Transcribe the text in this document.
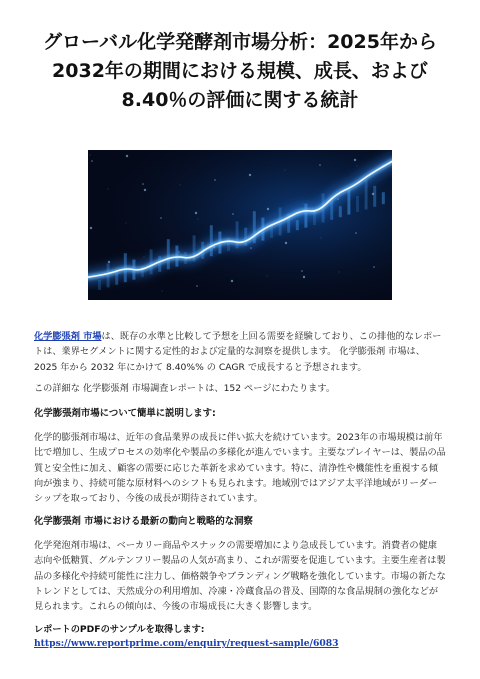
グローバル化学発酵剤市場分析：2025年から
2032年の期間における規模、成長、および
8.40％の評価に関する統計

化学膨張剤 市場は、既存の水準と比較して予想を上回る需要を経験しており、この排他的なレポートは、業界セグメントに関する定性的および定量的な洞察を提供します。 化学膨張剤 市場は、2025 年から 2032 年にかけて 8.40%% の CAGR で成長すると予想されます。

この詳細な 化学膨張剤 市場調査レポートは、152 ページにわたります。

化学膨張剤市場について簡単に説明します:

化学的膨張剤市場は、近年の食品業界の成長に伴い拡大を続けています。2023年の市場規模は前年比で増加し、生成プロセスの効率化や製品の多様化が進んでいます。主要なプレイヤーは、製品の品質と安全性に加え、顧客の需要に応じた革新を求めています。特に、清浄性や機能性を重視する傾向が強まり、持続可能な原材料へのシフトも見られます。地域別ではアジア太平洋地域がリーダーシップを取っており、今後の成長が期待されています。

化学膨張剤 市場における最新の動向と戦略的な洞察

化学発泡剤市場は、ベーカリー商品やスナックの需要増加により急成長しています。消費者の健康志向や低糖質、グルテンフリー製品の人気が高まり、これが需要を促進しています。主要生産者は製品の多様化や持続可能性に注力し、価格競争やブランディング戦略を強化しています。市場の新たなトレンドとしては、天然成分の利用増加、冷凍・冷蔵食品の普及、国際的な食品規制の強化などが見られます。これらの傾向は、今後の市場成長に大きく影響します。

レポートのPDFのサンプルを取得します: https://www.reportprime.com/enquiry/request-sample/6083
